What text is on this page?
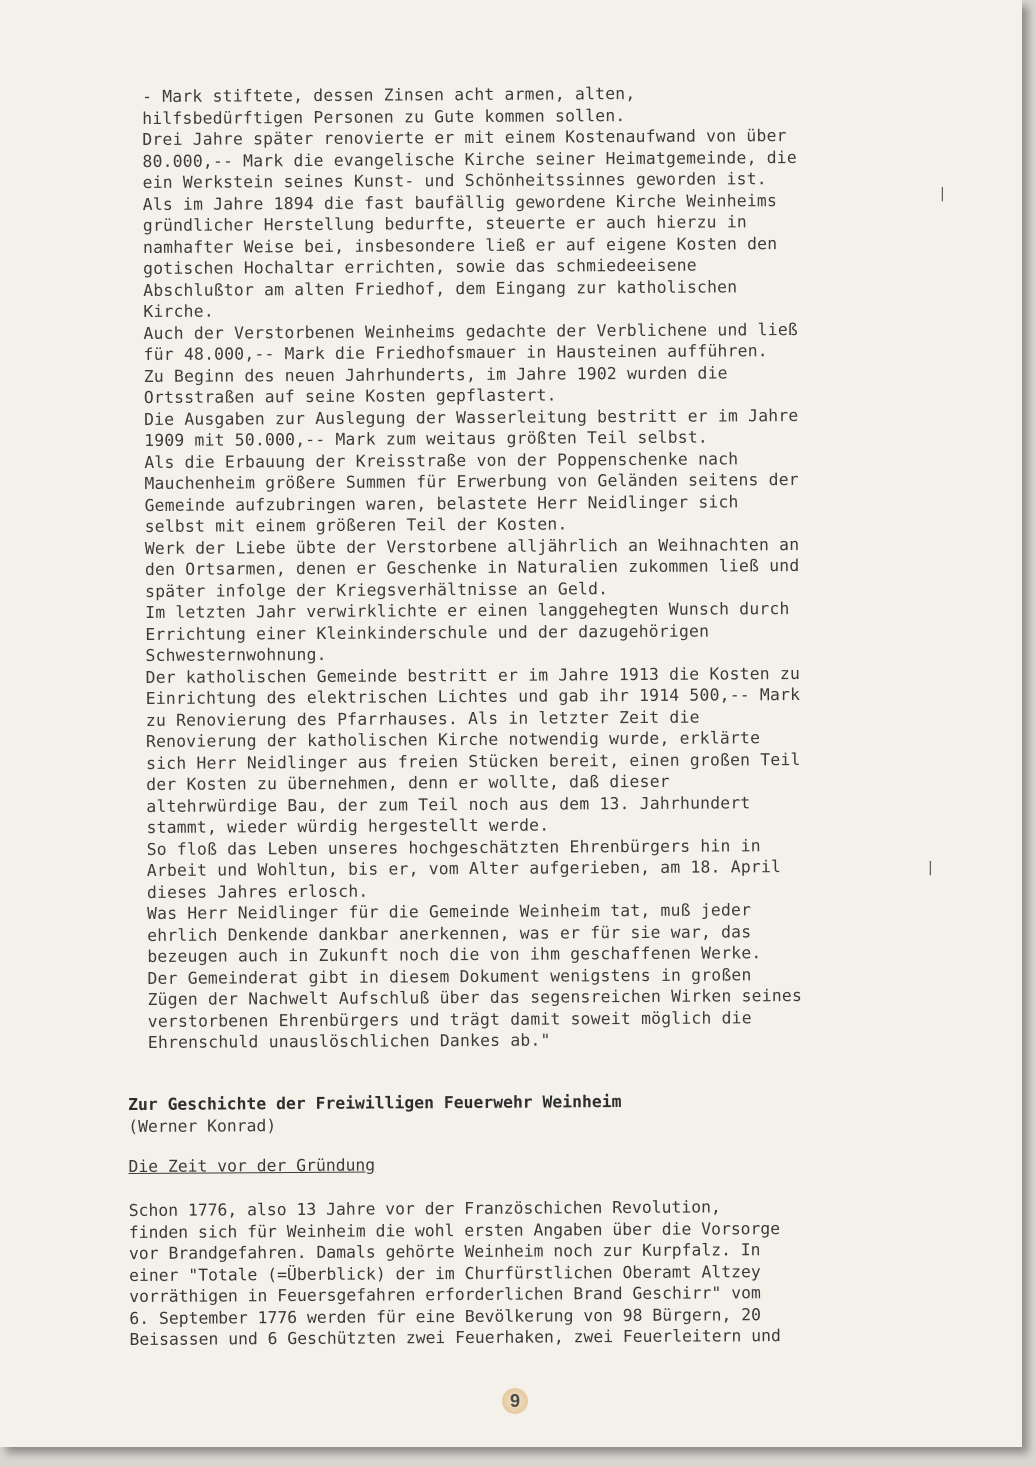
- Mark stiftete, dessen Zinsen acht armen, alten,
hilfsbedürftigen Personen zu Gute kommen sollen.
Drei Jahre später renovierte er mit einem Kostenaufwand von über
80.000,-- Mark die evangelische Kirche seiner Heimatgemeinde, die
ein Werkstein seines Kunst- und Schönheitssinnes geworden ist.
Als im Jahre 1894 die fast baufällig gewordene Kirche Weinheims
gründlicher Herstellung bedurfte, steuerte er auch hierzu in
namhafter Weise bei, insbesondere ließ er auf eigene Kosten den
gotischen Hochaltar errichten, sowie das schmiedeeisene
Abschlußtor am alten Friedhof, dem Eingang zur katholischen
Kirche.
Auch der Verstorbenen Weinheims gedachte der Verblichene und ließ
für 48.000,-- Mark die Friedhofsmauer in Hausteinen aufführen.
Zu Beginn des neuen Jahrhunderts, im Jahre 1902 wurden die
Ortsstraßen auf seine Kosten gepflastert.
Die Ausgaben zur Auslegung der Wasserleitung bestritt er im Jahre
1909 mit 50.000,-- Mark zum weitaus größten Teil selbst.
Als die Erbauung der Kreisstraße von der Poppenschenke nach
Mauchenheim größere Summen für Erwerbung von Geländen seitens der
Gemeinde aufzubringen waren, belastete Herr Neidlinger sich
selbst mit einem größeren Teil der Kosten.
Werk der Liebe übte der Verstorbene alljährlich an Weihnachten an
den Ortsarmen, denen er Geschenke in Naturalien zukommen ließ und
später infolge der Kriegsverhältnisse an Geld.
Im letzten Jahr verwirklichte er einen langgehegten Wunsch durch
Errichtung einer Kleinkinderschule und der dazugehörigen
Schwesternwohnung.
Der katholischen Gemeinde bestritt er im Jahre 1913 die Kosten zu
Einrichtung des elektrischen Lichtes und gab ihr 1914 500,-- Mark
zu Renovierung des Pfarrhauses. Als in letzter Zeit die
Renovierung der katholischen Kirche notwendig wurde, erklärte
sich Herr Neidlinger aus freien Stücken bereit, einen großen Teil
der Kosten zu übernehmen, denn er wollte, daß dieser
altehrwürdige Bau, der zum Teil noch aus dem 13. Jahrhundert
stammt, wieder würdig hergestellt werde.
So floß das Leben unseres hochgeschätzten Ehrenbürgers hin in
Arbeit und Wohltun, bis er, vom Alter aufgerieben, am 18. April
dieses Jahres erlosch.
Was Herr Neidlinger für die Gemeinde Weinheim tat, muß jeder
ehrlich Denkende dankbar anerkennen, was er für sie war, das
bezeugen auch in Zukunft noch die von ihm geschaffenen Werke.
Der Gemeinderat gibt in diesem Dokument wenigstens in großen
Zügen der Nachwelt Aufschluß über das segensreichen Wirken seines
verstorbenen Ehrenbürgers und trägt damit soweit möglich die
Ehrenschuld unauslöschlichen Dankes ab."
Zur Geschichte der Freiwilligen Feuerwehr Weinheim
(Werner Konrad)
Die Zeit vor der Gründung
Schon 1776, also 13 Jahre vor der Französchichen Revolution,
finden sich für Weinheim die wohl ersten Angaben über die Vorsorge
vor Brandgefahren. Damals gehörte Weinheim noch zur Kurpfalz. In
einer "Totale (=Überblick) der im Churfürstlichen Oberamt Altzey
vorräthigen in Feuersgefahren erforderlichen Brand Geschirr" vom
6. September 1776 werden für eine Bevölkerung von 98 Bürgern, 20
Beisassen und 6 Geschützten zwei Feuerhaken, zwei Feuerleitern und
|
|
9
